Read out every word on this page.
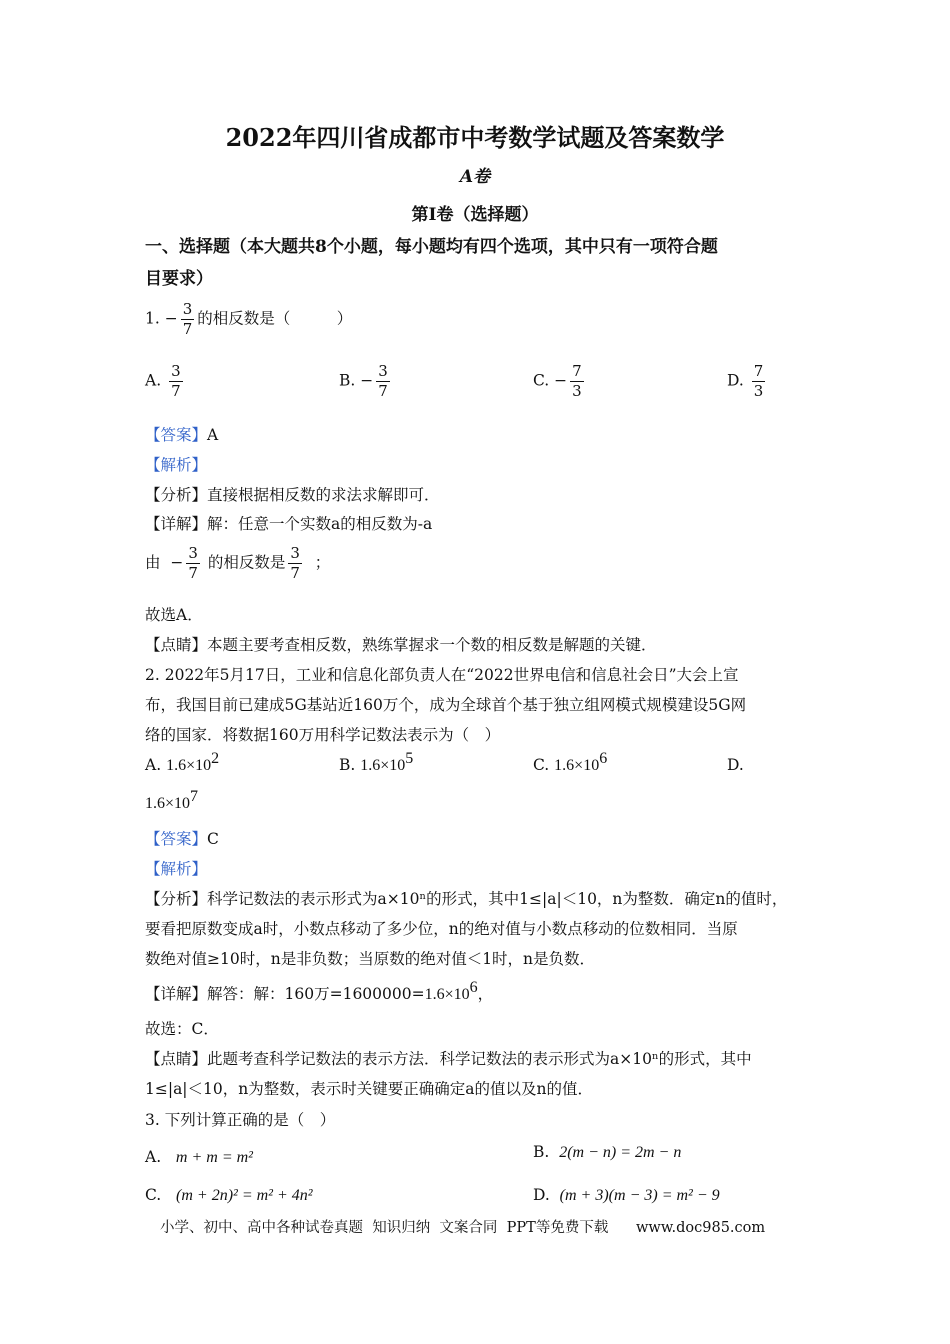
2022年四川省成都市中考数学试题及答案数学
A卷
第Ⅰ卷（选择题）
一、选择题（本大题共8个小题，每小题均有四个选项，其中只有一项符合题
目要求）
1. − $\frac{3}{7}$ 的相反数是（　　　）
A. $\frac{3}{7}$	B. − $\frac{3}{7}$	C. − $\frac{7}{3}$	D. $\frac{7}{3}$
【答案】A
【解析】
【分析】直接根据相反数的求法求解即可．
【详解】解：任意一个实数a的相反数为-a
由 − $\frac{3}{7}$ 的相反数是 $\frac{3}{7}$ ；
故选A．
【点睛】本题主要考查相反数，熟练掌握求一个数的相反数是解题的关键．
2. 2022年5月17日，工业和信息化部负责人在“2022世界电信和信息社会日”大会上宣
布，我国目前已建成5G基站近160万个，成为全球首个基于独立组网模式规模建设5G网
络的国家．将数据160万用科学记数法表示为（　）
A. $1.6\times 10^2$	B. $1.6\times 10^5$	C. $1.6\times 10^6$	D.
$1.6\times 10^7$
【答案】C
【解析】
【分析】科学记数法的表示形式为a×10ⁿ的形式，其中1≤|a|＜10，n为整数．确定n的值时，
要看把原数变成a时，小数点移动了多少位，n的绝对值与小数点移动的位数相同．当原
数绝对值≥10时，n是非负数；当原数的绝对值＜1时，n是负数．
【详解】解答：解：160万$=1600000=1.6\times 10^6$，
故选：C．
【点睛】此题考查科学记数法的表示方法．科学记数法的表示形式为a×10ⁿ的形式，其中
1≤|a|＜10，n为整数，表示时关键要正确确定a的值以及n的值．
3. 下列计算正确的是（　）
A. m + m = m²	B. 2(m − n) = 2m − n
C. (m + 2n)² = m² + 4n²	D. (m + 3)(m − 3) = m² − 9
小学、初中、高中各种试卷真题  知识归纳  文案合同  PPT等免费下载      www.doc985.com
